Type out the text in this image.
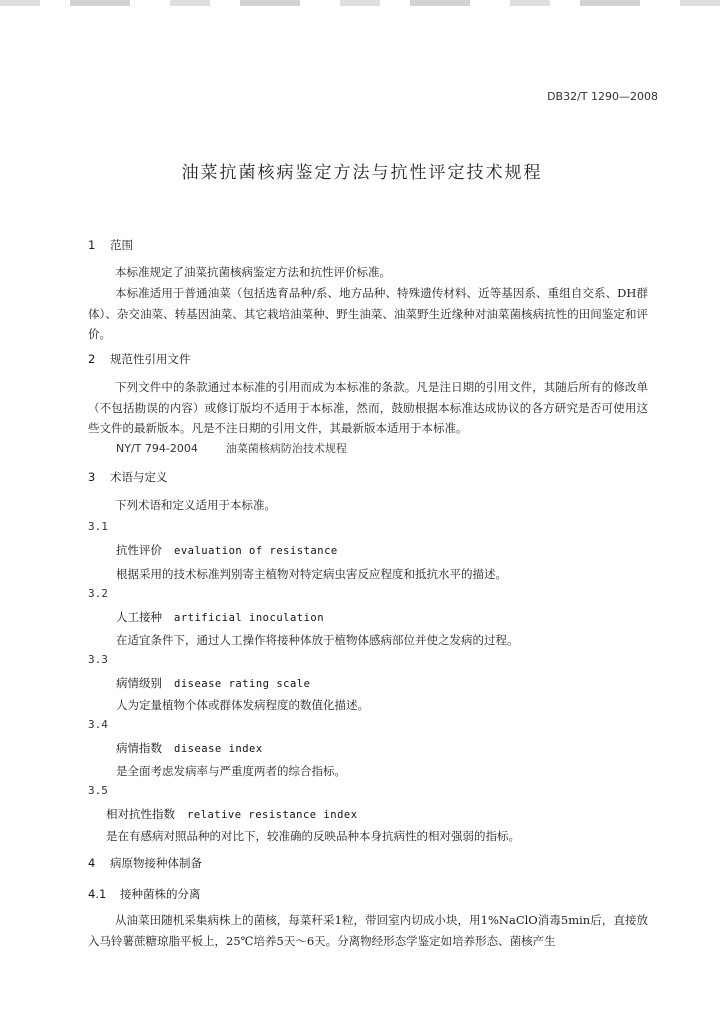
DB32/T 1290—2008
油菜抗菌核病鉴定方法与抗性评定技术规程
1 范围
本标准规定了油菜抗菌核病鉴定方法和抗性评价标准。
本标准适用于普通油菜（包括选育品种/系、地方品种、特殊遗传材料、近等基因系、重组自交系、DH群体）、杂交油菜、转基因油菜、其它栽培油菜种、野生油菜、油菜野生近缘种对油菜菌核病抗性的田间鉴定和评价。
2 规范性引用文件
下列文件中的条款通过本标准的引用而成为本标准的条款。凡是注日期的引用文件，其随后所有的修改单（不包括勘误的内容）或修订版均不适用于本标准，然而，鼓励根据本标准达成协议的各方研究是否可使用这些文件的最新版本。凡是不注日期的引用文件，其最新版本适用于本标准。
NY/T 794-2004	油菜菌核病防治技术规程
3 术语与定义
下列术语和定义适用于本标准。
3.1
抗性评价 evaluation of resistance
根据采用的技术标准判别寄主植物对特定病虫害反应程度和抵抗水平的描述。
3.2
人工接种 artificial inoculation
在适宜条件下，通过人工操作将接种体放于植物体感病部位并使之发病的过程。
3.3
病情级别 disease rating scale
人为定量植物个体或群体发病程度的数值化描述。
3.4
病情指数 disease index
是全面考虑发病率与严重度两者的综合指标。
3.5
相对抗性指数 relative resistance index
是在有感病对照品种的对比下，较准确的反映品种本身抗病性的相对强弱的指标。
4 病原物接种体制备
4.1 接种菌株的分离
从油菜田随机采集病株上的菌核，每菜秆采1粒，带回室内切成小块，用1%NaClO消毒5min后，直接放入马铃薯蔗糖琼脂平板上，25℃培养5天～6天。分离物经形态学鉴定如培养形态、菌核产生
